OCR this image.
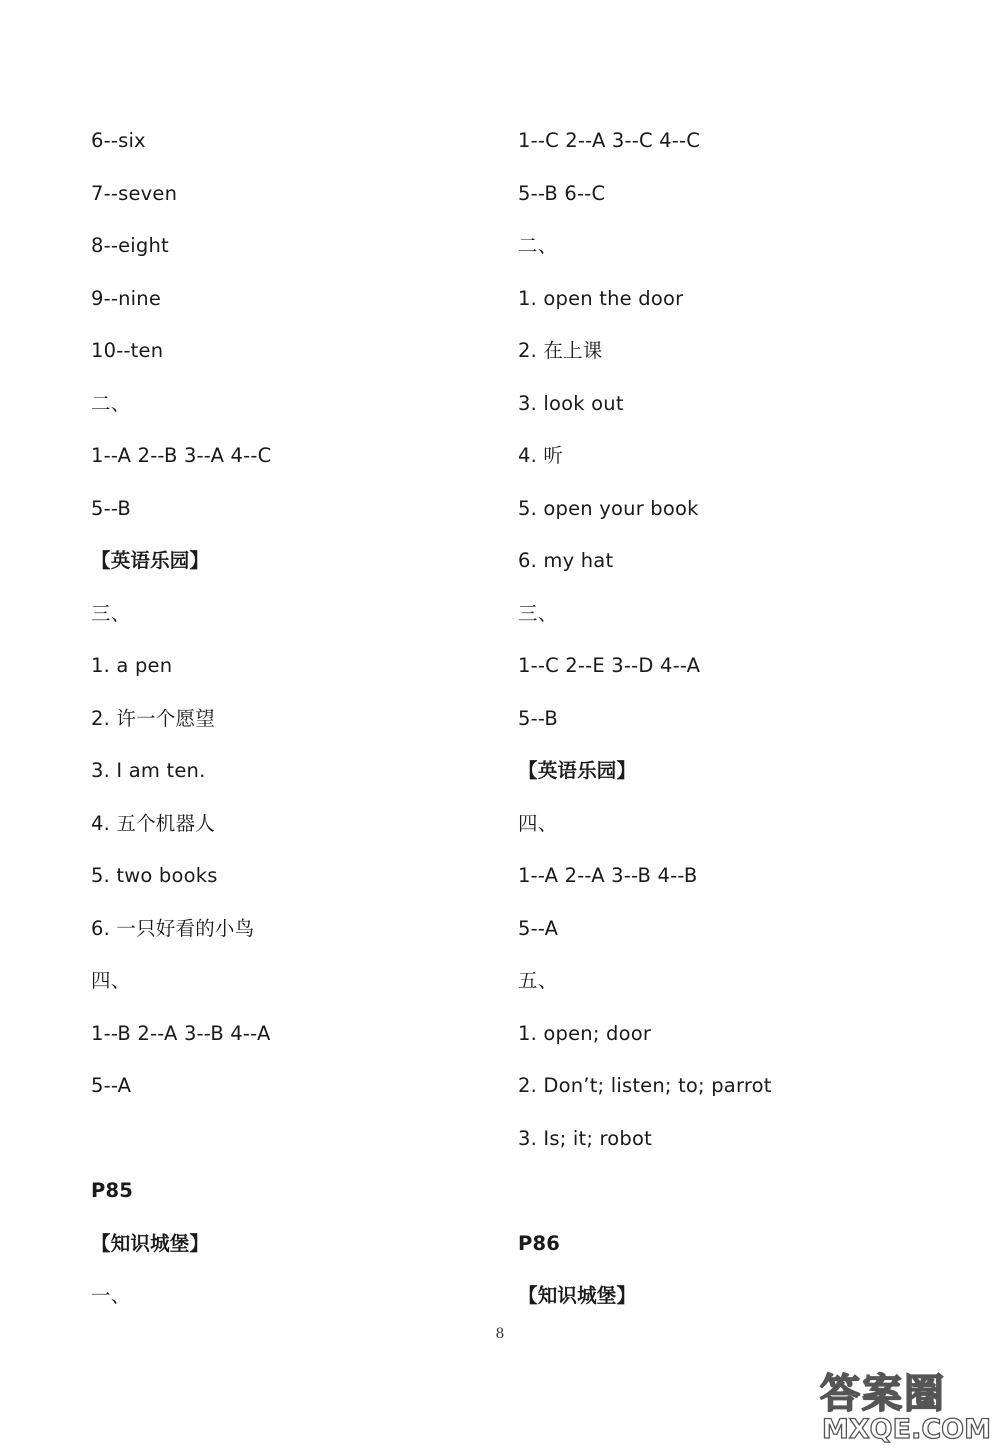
6--six
7--seven
8--eight
9--nine
10--ten
二、
1--A 2--B 3--A 4--C
5--B
【英语乐园】
三、
1. a pen
2. 许一个愿望
3. I am ten.
4. 五个机器人
5. two books
6. 一只好看的小鸟
四、
1--B 2--A 3--B 4--A
5--A
P85
【知识城堡】
一、
1--C 2--A 3--C 4--C
5--B 6--C
二、
1. open the door
2. 在上课
3. look out
4. 听
5. open your book
6. my hat
三、
1--C 2--E 3--D 4--A
5--B
【英语乐园】
四、
1--A 2--A 3--B 4--B
5--A
五、
1. open; door
2. Don’t; listen; to; parrot
3. Is; it; robot
P86
【知识城堡】
8
答案圈
MXQE.COM
